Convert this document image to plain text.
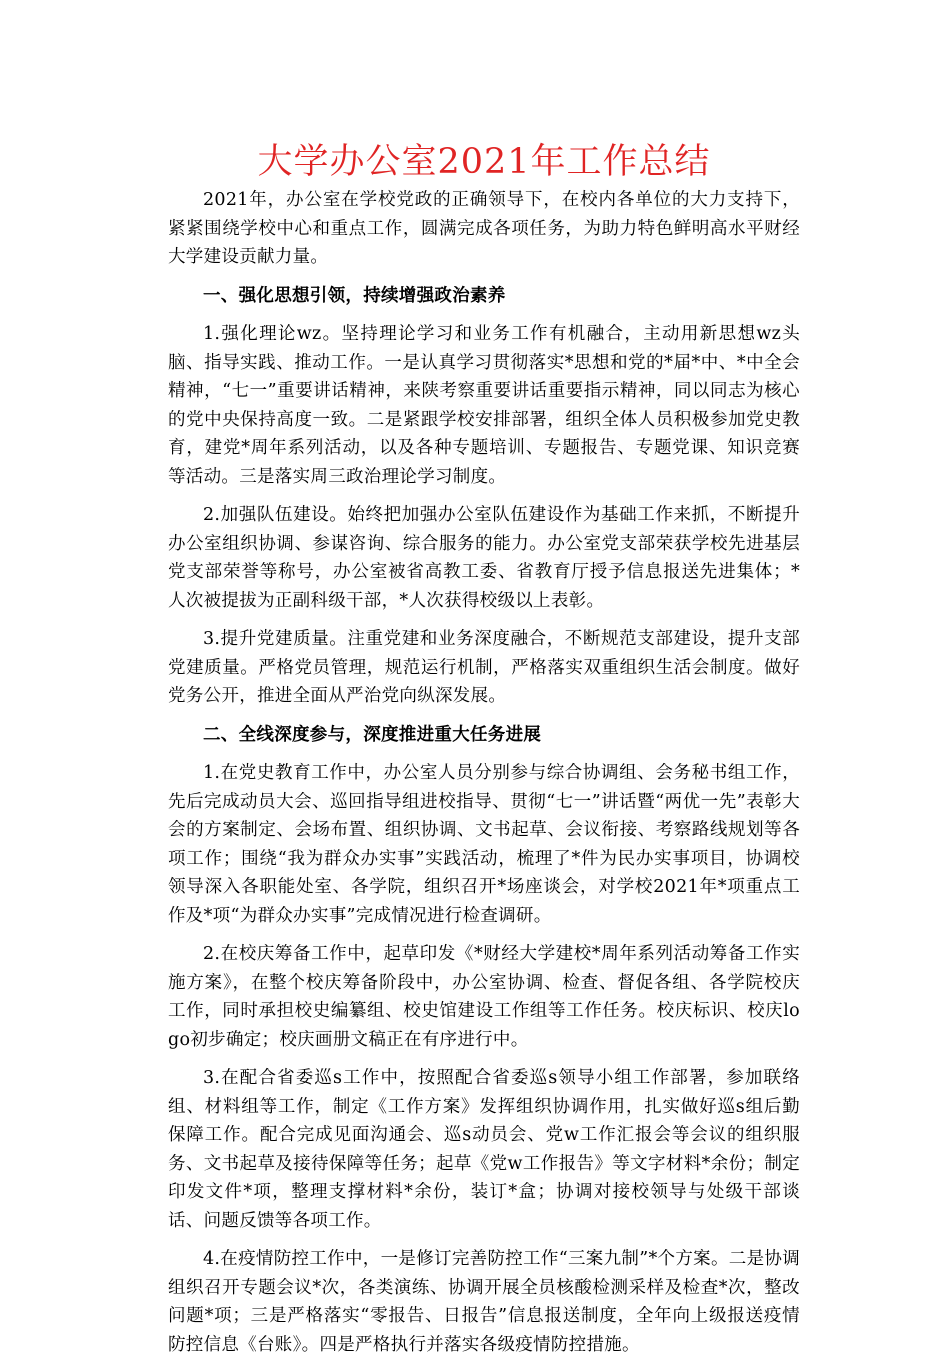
大学办公室2021年工作总结

2021年，办公室在学校党政的正确领导下，在校内各单位的大力支持下，紧紧围绕学校中心和重点工作，圆满完成各项任务，为助力特色鲜明高水平财经大学建设贡献力量。

一、强化思想引领，持续增强政治素养

1.强化理论wz。坚持理论学习和业务工作有机融合，主动用新思想wz头脑、指导实践、推动工作。一是认真学习贯彻落实*思想和党的*届*中、*中全会精神，“七一”重要讲话精神，来陕考察重要讲话重要指示精神，同以同志为核心的党中央保持高度一致。二是紧跟学校安排部署，组织全体人员积极参加党史教育，建党*周年系列活动，以及各种专题培训、专题报告、专题党课、知识竞赛等活动。三是落实周三政治理论学习制度。

2.加强队伍建设。始终把加强办公室队伍建设作为基础工作来抓，不断提升办公室组织协调、参谋咨询、综合服务的能力。办公室党支部荣获学校先进基层党支部荣誉等称号，办公室被省高教工委、省教育厅授予信息报送先进集体；*人次被提拔为正副科级干部，*人次获得校级以上表彰。

3.提升党建质量。注重党建和业务深度融合，不断规范支部建设，提升支部党建质量。严格党员管理，规范运行机制，严格落实双重组织生活会制度。做好党务公开，推进全面从严治党向纵深发展。

二、全线深度参与，深度推进重大任务进展

1.在党史教育工作中，办公室人员分别参与综合协调组、会务秘书组工作，先后完成动员大会、巡回指导组进校指导、贯彻“七一”讲话暨“两优一先”表彰大会的方案制定、会场布置、组织协调、文书起草、会议衔接、考察路线规划等各项工作；围绕“我为群众办实事”实践活动，梳理了*件为民办实事项目，协调校领导深入各职能处室、各学院，组织召开*场座谈会，对学校2021年*项重点工作及*项“为群众办实事”完成情况进行检查调研。

2.在校庆筹备工作中，起草印发《*财经大学建校*周年系列活动筹备工作实施方案》，在整个校庆筹备阶段中，办公室协调、检查、督促各组、各学院校庆工作，同时承担校史编纂组、校史馆建设工作组等工作任务。校庆标识、校庆logo初步确定；校庆画册文稿正在有序进行中。

3.在配合省委巡s工作中，按照配合省委巡s领导小组工作部署，参加联络组、材料组等工作，制定《工作方案》发挥组织协调作用，扎实做好巡s组后勤保障工作。配合完成见面沟通会、巡s动员会、党w工作汇报会等会议的组织服务、文书起草及接待保障等任务；起草《党w工作报告》等文字材料*余份；制定印发文件*项，整理支撑材料*余份，装订*盒；协调对接校领导与处级干部谈话、问题反馈等各项工作。

4.在疫情防控工作中，一是修订完善防控工作“三案九制”*个方案。二是协调组织召开专题会议*次，各类演练、协调开展全员核酸检测采样及检查*次，整改问题*项；三是严格落实“零报告、日报告”信息报送制度，全年向上级报送疫情防控信息《台账》。四是严格执行并落实各级疫情防控措施。
